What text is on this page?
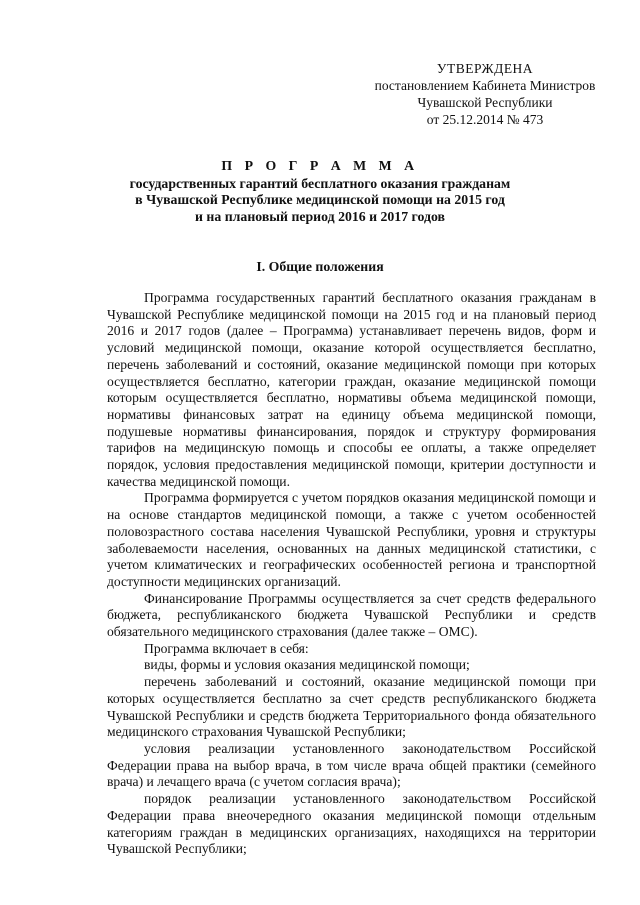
УТВЕРЖДЕНА
постановлением Кабинета Министров
Чувашской Республики
от 25.12.2014 № 473
П Р О Г Р А М М А
государственных гарантий бесплатного оказания гражданам
в Чувашской Республике медицинской помощи на 2015 год
и на плановый период 2016 и 2017 годов
I. Общие положения

Программа государственных гарантий бесплатного оказания гражданам в Чувашской Республике медицинской помощи на 2015 год и на плановый период 2016 и 2017 годов (далее – Программа) устанавливает перечень видов, форм и условий медицинской помощи, оказание которой осуществляется бесплатно, перечень заболеваний и состояний, оказание медицинской помощи при которых осуществляется бесплатно, категории граждан, оказание медицинской помощи которым осуществляется бесплатно, нормативы объема медицинской помощи, нормативы финансовых затрат на единицу объема медицинской помощи, подушевые нормативы финансирования, порядок и структуру формирования тарифов на медицинскую помощь и способы ее оплаты, а также определяет порядок, условия предоставления медицинской помощи, критерии доступности и качества медицинской помощи.

Программа формируется с учетом порядков оказания медицинской помощи и на основе стандартов медицинской помощи, а также с учетом особенностей половозрастного состава населения Чувашской Республики, уровня и структуры заболеваемости населения, основанных на данных медицинской статистики, с учетом климатических и географических особенностей региона и транспортной доступности медицинских организаций.

Финансирование Программы осуществляется за счет средств федерального бюджета, республиканского бюджета Чувашской Республики и средств обязательного медицинского страхования (далее также – ОМС).

Программа включает в себя:

виды, формы и условия оказания медицинской помощи;

перечень заболеваний и состояний, оказание медицинской помощи при которых осуществляется бесплатно за счет средств республиканского бюджета Чувашской Республики и средств бюджета Территориального фонда обязательного медицинского страхования Чувашской Республики;

условия реализации установленного законодательством Российской Федерации права на выбор врача, в том числе врача общей практики (семейного врача) и лечащего врача (с учетом согласия врача);

порядок реализации установленного законодательством Российской Федерации права внеочередного оказания медицинской помощи отдельным категориям граждан в медицинских организациях, находящихся на территории Чувашской Республики;
